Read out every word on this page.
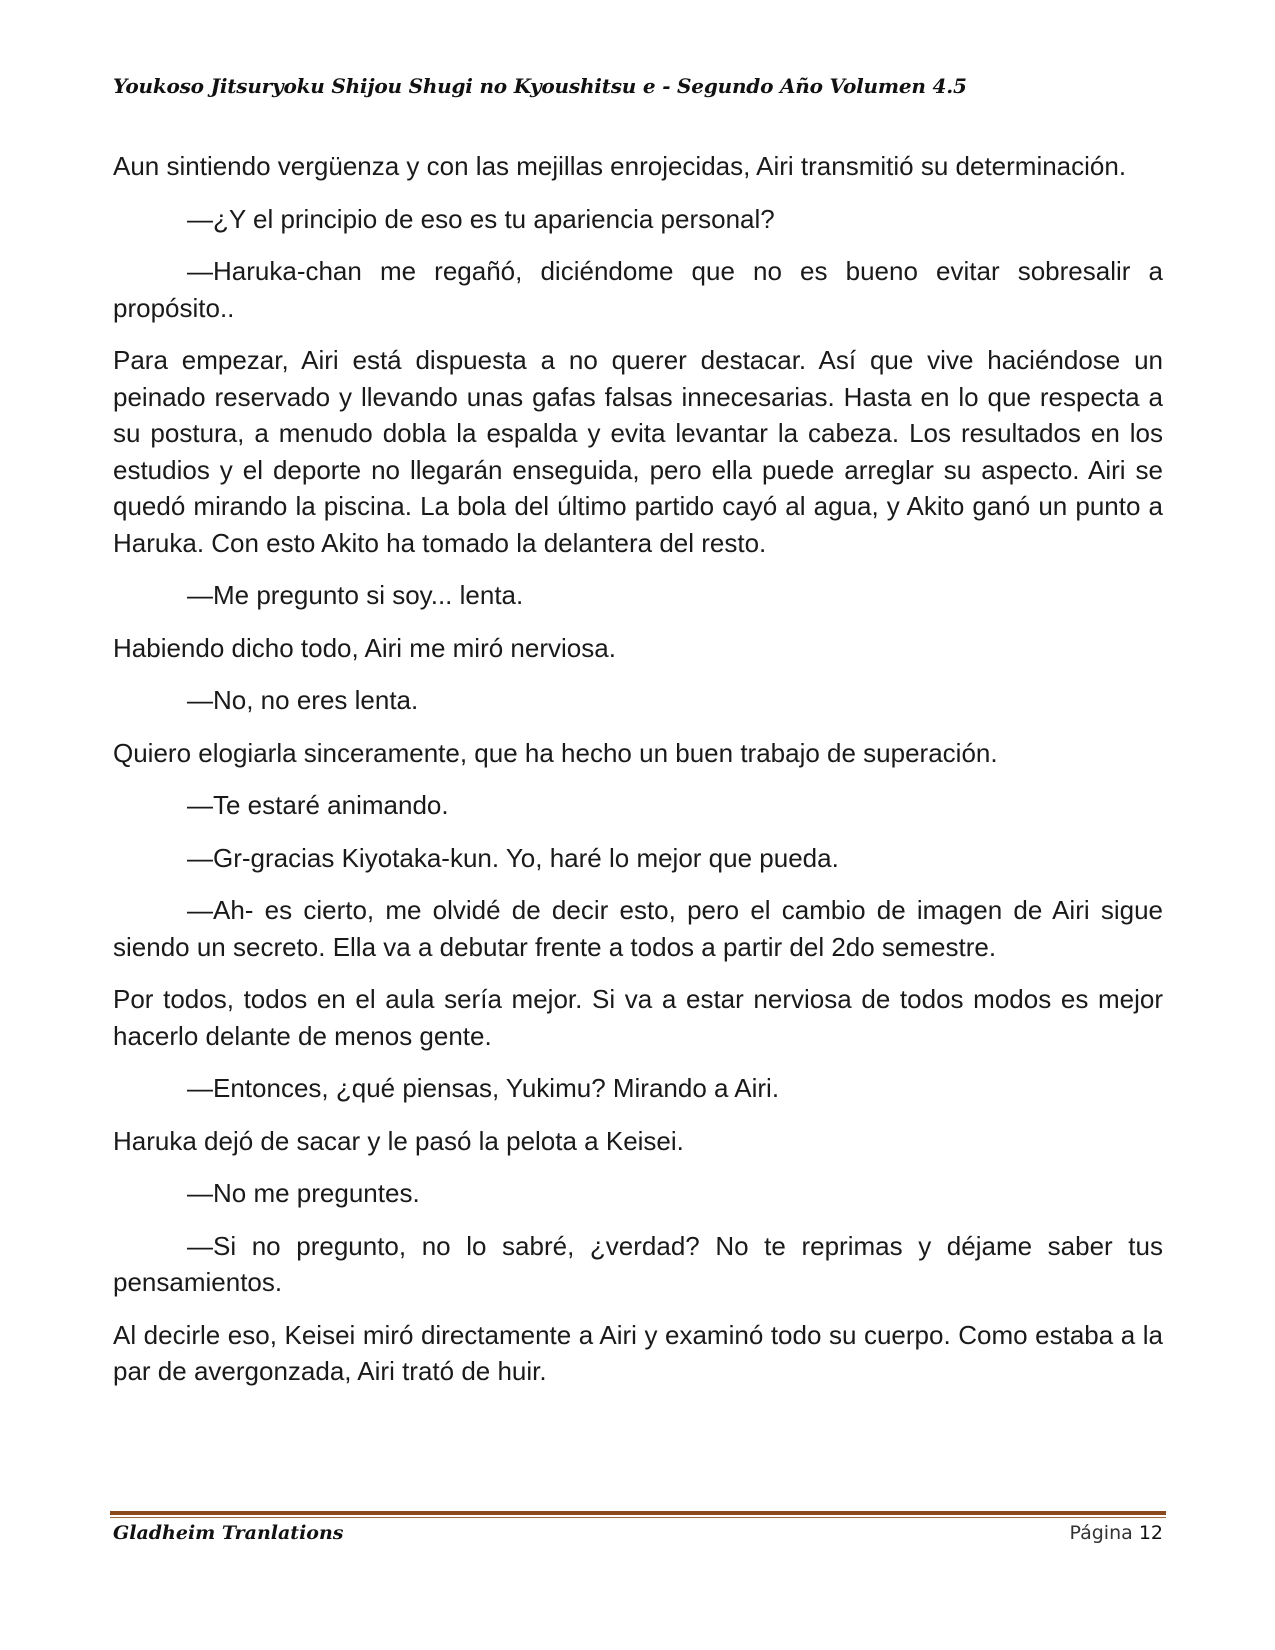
Youkoso Jitsuryoku Shijou Shugi no Kyoushitsu e - Segundo Año Volumen 4.5

Aun sintiendo vergüenza y con las mejillas enrojecidas, Airi transmitió su determinación.

—¿Y el principio de eso es tu apariencia personal?

—Haruka-chan me regañó, diciéndome que no es bueno evitar sobresalir a propósito..

Para empezar, Airi está dispuesta a no querer destacar. Así que vive haciéndose un peinado reservado y llevando unas gafas falsas innecesarias. Hasta en lo que respecta a su postura, a menudo dobla la espalda y evita levantar la cabeza. Los resultados en los estudios y el deporte no llegarán enseguida, pero ella puede arreglar su aspecto. Airi se quedó mirando la piscina. La bola del último partido cayó al agua, y Akito ganó un punto a Haruka. Con esto Akito ha tomado la delantera del resto.

—Me pregunto si soy... lenta.

Habiendo dicho todo, Airi me miró nerviosa.

—No, no eres lenta.

Quiero elogiarla sinceramente, que ha hecho un buen trabajo de superación.

—Te estaré animando.

—Gr-gracias Kiyotaka-kun. Yo, haré lo mejor que pueda.

—Ah- es cierto, me olvidé de decir esto, pero el cambio de imagen de Airi sigue siendo un secreto. Ella va a debutar frente a todos a partir del 2do semestre.

Por todos, todos en el aula sería mejor. Si va a estar nerviosa de todos modos es mejor hacerlo delante de menos gente.

—Entonces, ¿qué piensas, Yukimu? Mirando a Airi.

Haruka dejó de sacar y le pasó la pelota a Keisei.

—No me preguntes.

—Si no pregunto, no lo sabré, ¿verdad? No te reprimas y déjame saber tus pensamientos.

Al decirle eso, Keisei miró directamente a Airi y examinó todo su cuerpo. Como estaba a la par de avergonzada, Airi trató de huir.

Gladheim Tranlations	Página 12
